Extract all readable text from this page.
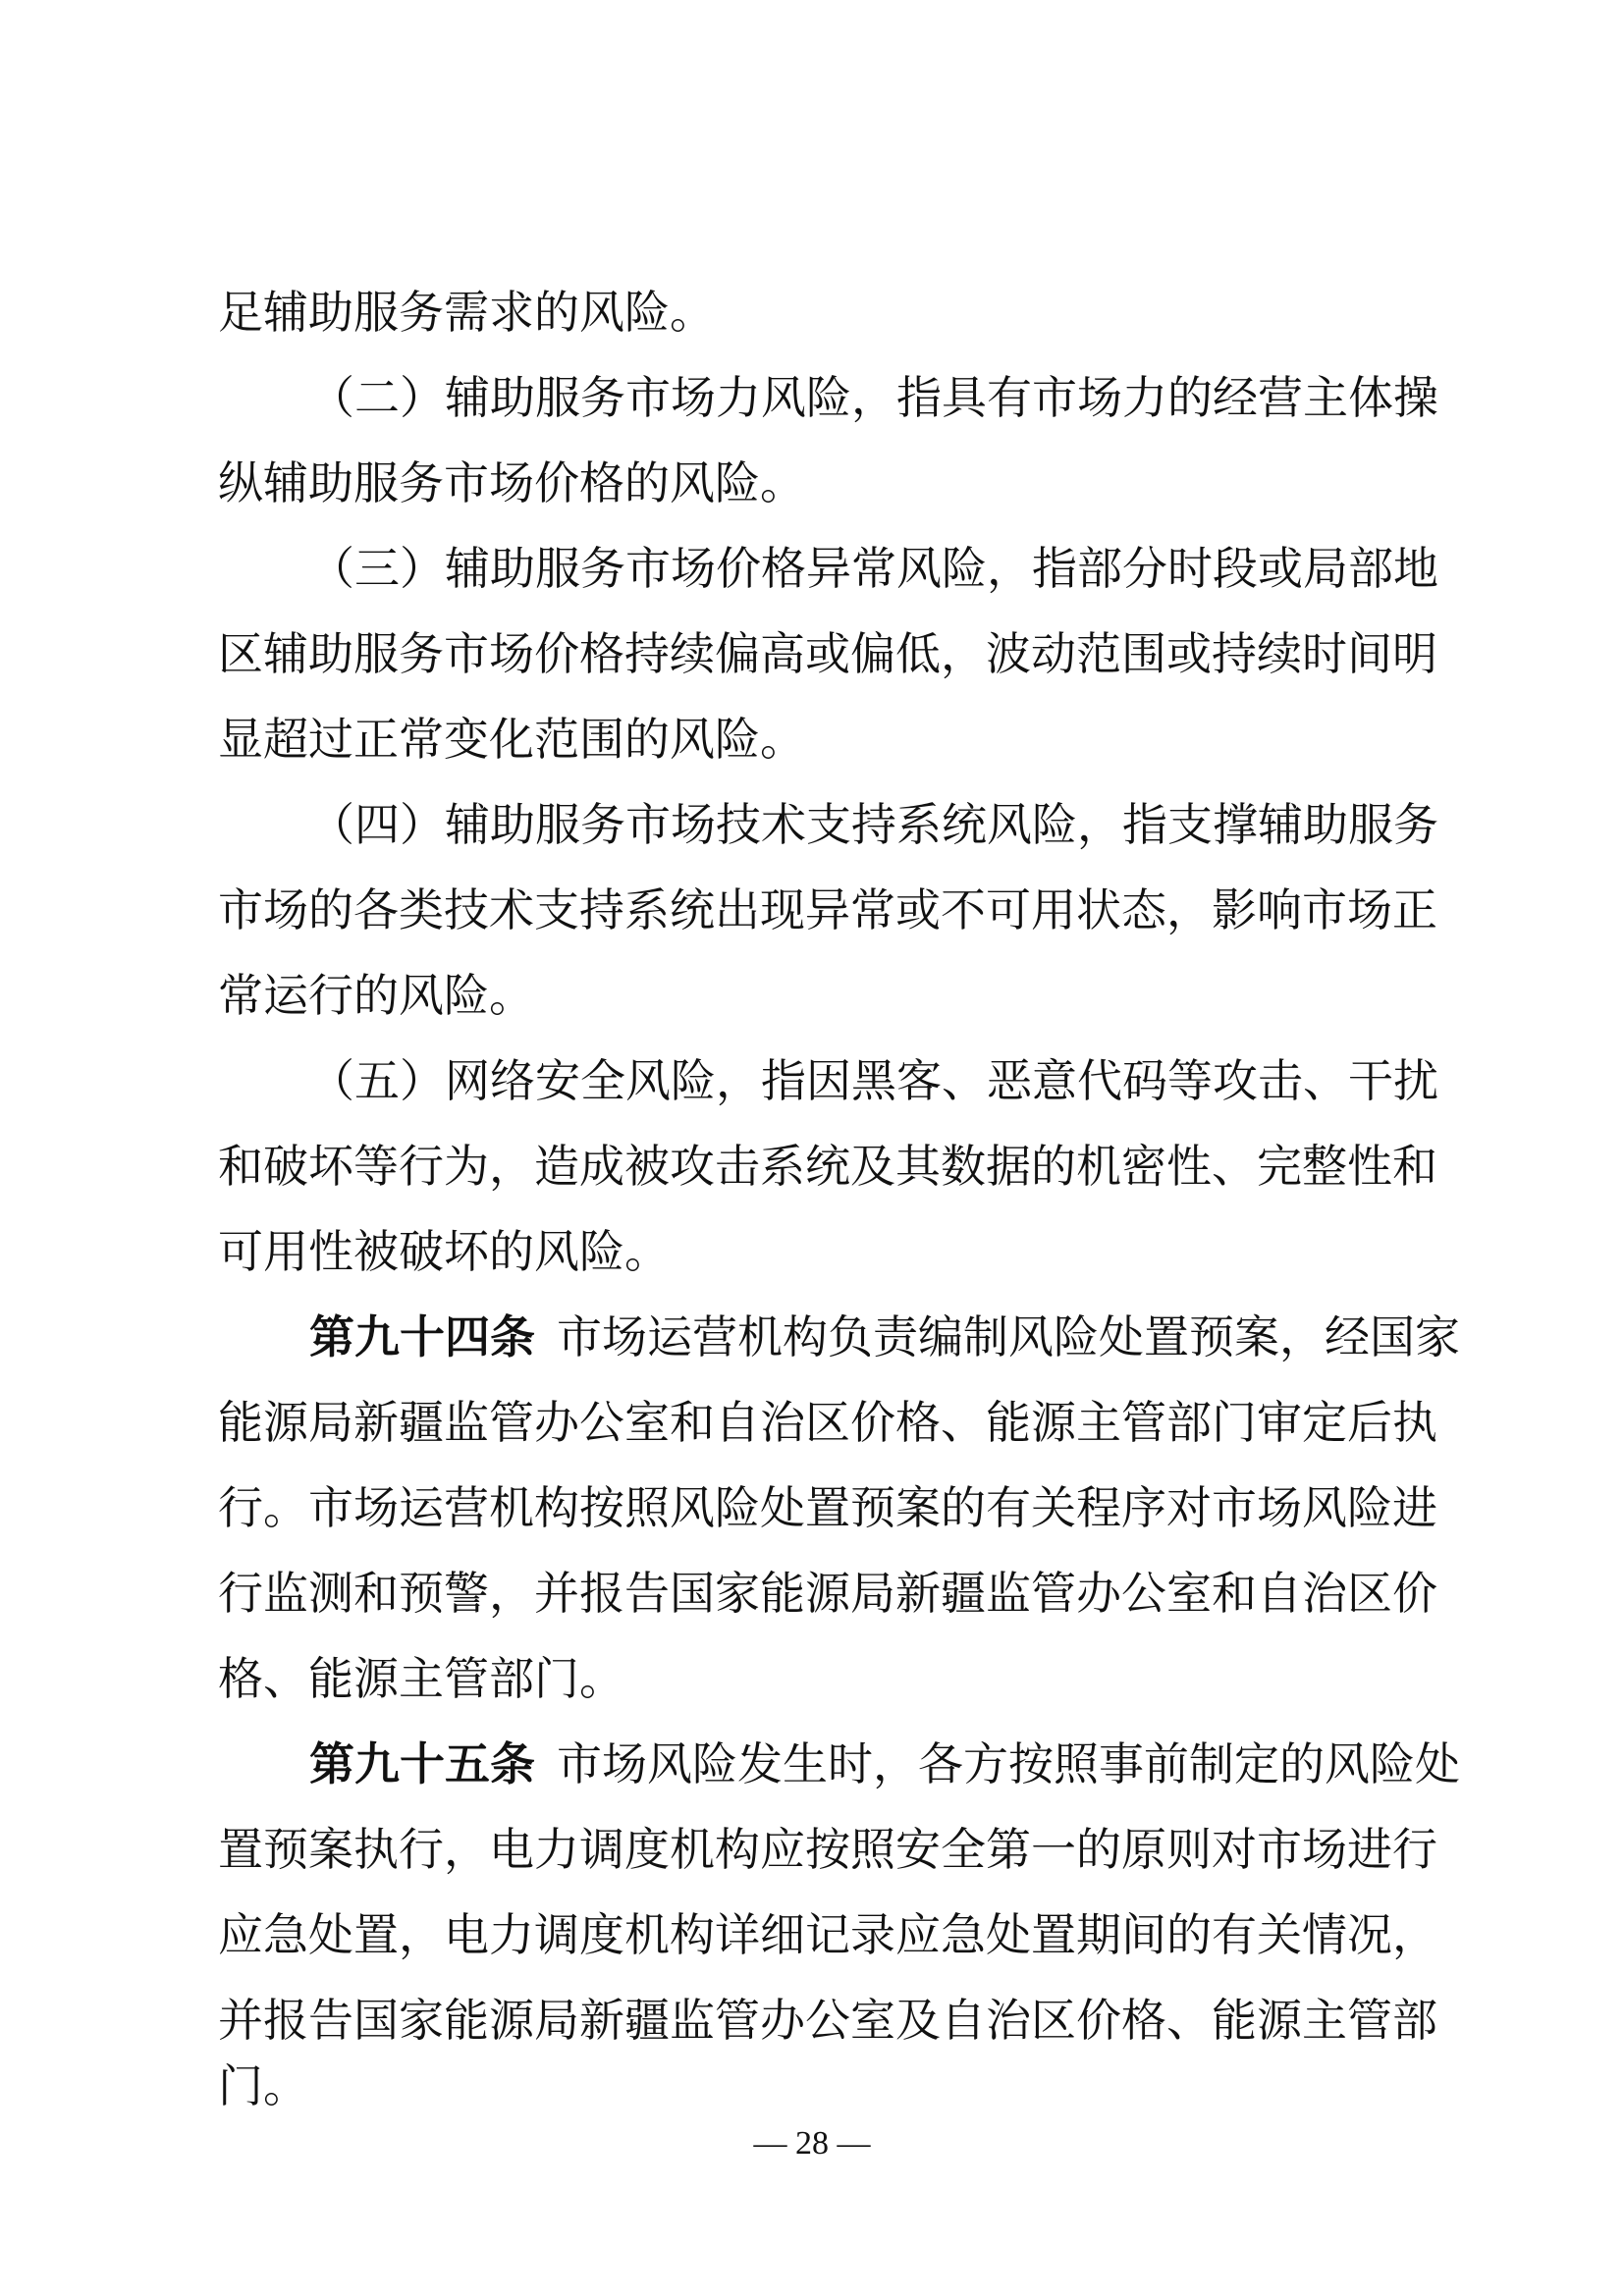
足辅助服务需求的风险。
（二）辅助服务市场力风险，指具有市场力的经营主体操
纵辅助服务市场价格的风险。
（三）辅助服务市场价格异常风险，指部分时段或局部地
区辅助服务市场价格持续偏高或偏低，波动范围或持续时间明
显超过正常变化范围的风险。
（四）辅助服务市场技术支持系统风险，指支撑辅助服务
市场的各类技术支持系统出现异常或不可用状态，影响市场正
常运行的风险。
（五）网络安全风险，指因黑客、恶意代码等攻击、干扰
和破坏等行为，造成被攻击系统及其数据的机密性、完整性和
可用性被破坏的风险。
第九十四条 市场运营机构负责编制风险处置预案，经国家
能源局新疆监管办公室和自治区价格、能源主管部门审定后执
行。市场运营机构按照风险处置预案的有关程序对市场风险进
行监测和预警，并报告国家能源局新疆监管办公室和自治区价
格、能源主管部门。
第九十五条 市场风险发生时，各方按照事前制定的风险处
置预案执行，电力调度机构应按照安全第一的原则对市场进行
应急处置，电力调度机构详细记录应急处置期间的有关情况，
并报告国家能源局新疆监管办公室及自治区价格、能源主管部
门。
— 28 —
